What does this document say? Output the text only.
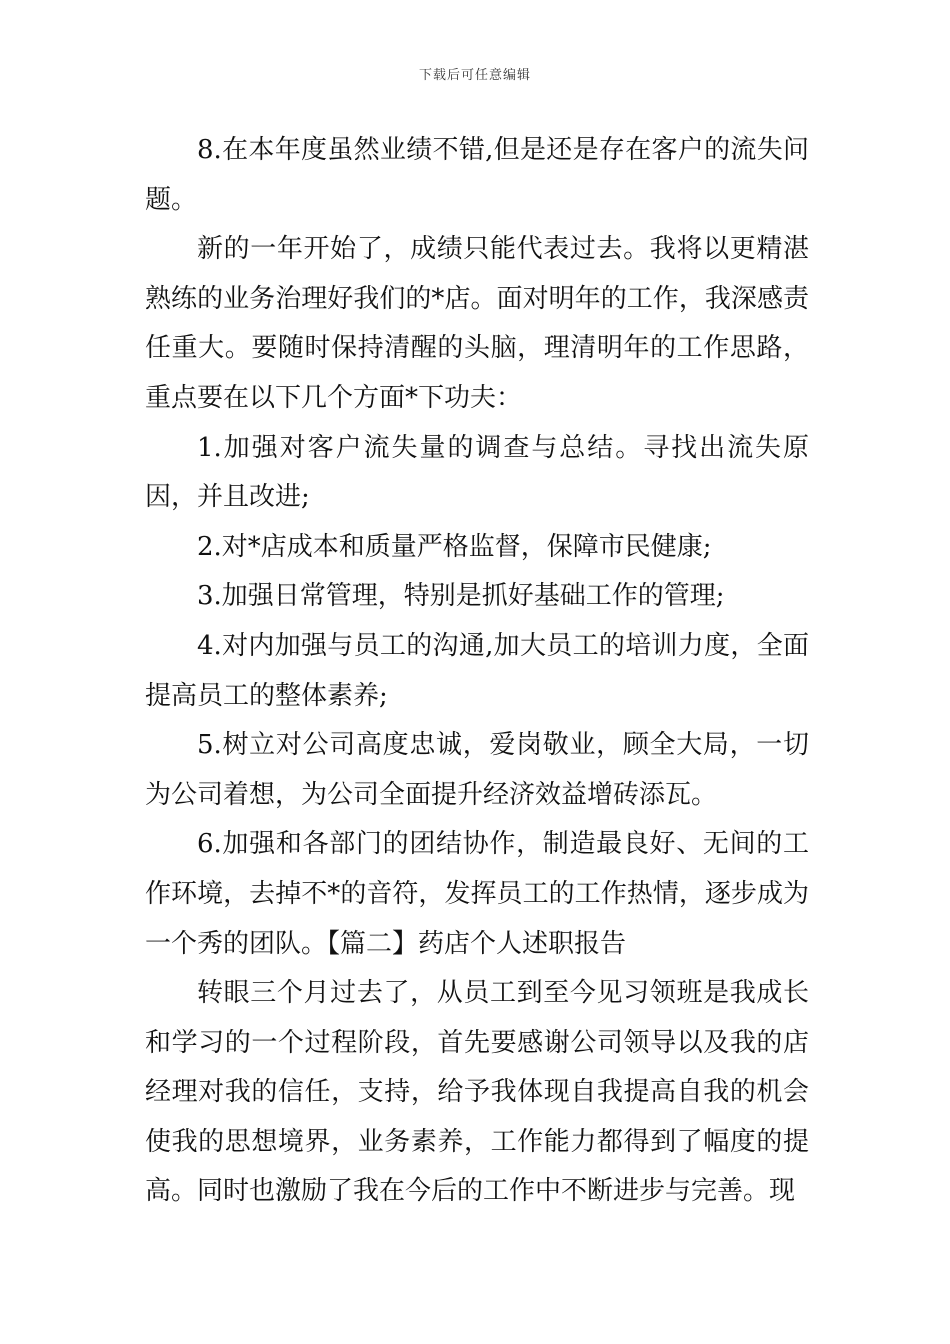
下载后可任意编辑

8.在本年度虽然业绩不错,但是还是存在客户的流失问题。

新的一年开始了，成绩只能代表过去。我将以更精湛熟练的业务治理好我们的*店。面对明年的工作，我深感责任重大。要随时保持清醒的头脑，理清明年的工作思路，重点要在以下几个方面*下功夫：

1.加强对客户流失量的调查与总结。寻找出流失原因，并且改进;

2.对*店成本和质量严格监督，保障市民健康;

3.加强日常管理，特别是抓好基础工作的管理;

4.对内加强与员工的沟通,加大员工的培训力度，全面提高员工的整体素养;

5.树立对公司高度忠诚，爱岗敬业，顾全大局，一切为公司着想，为公司全面提升经济效益增砖添瓦。

6.加强和各部门的团结协作，制造最良好、无间的工作环境，去掉不*的音符，发挥员工的工作热情，逐步成为一个秀的团队。【篇二】药店个人述职报告

转眼三个月过去了，从员工到至今见习领班是我成长和学习的一个过程阶段，首先要感谢公司领导以及我的店经理对我的信任，支持，给予我体现自我提高自我的机会使我的思想境界，业务素养，工作能力都得到了幅度的提高。同时也激励了我在今后的工作中不断进步与完善。现
